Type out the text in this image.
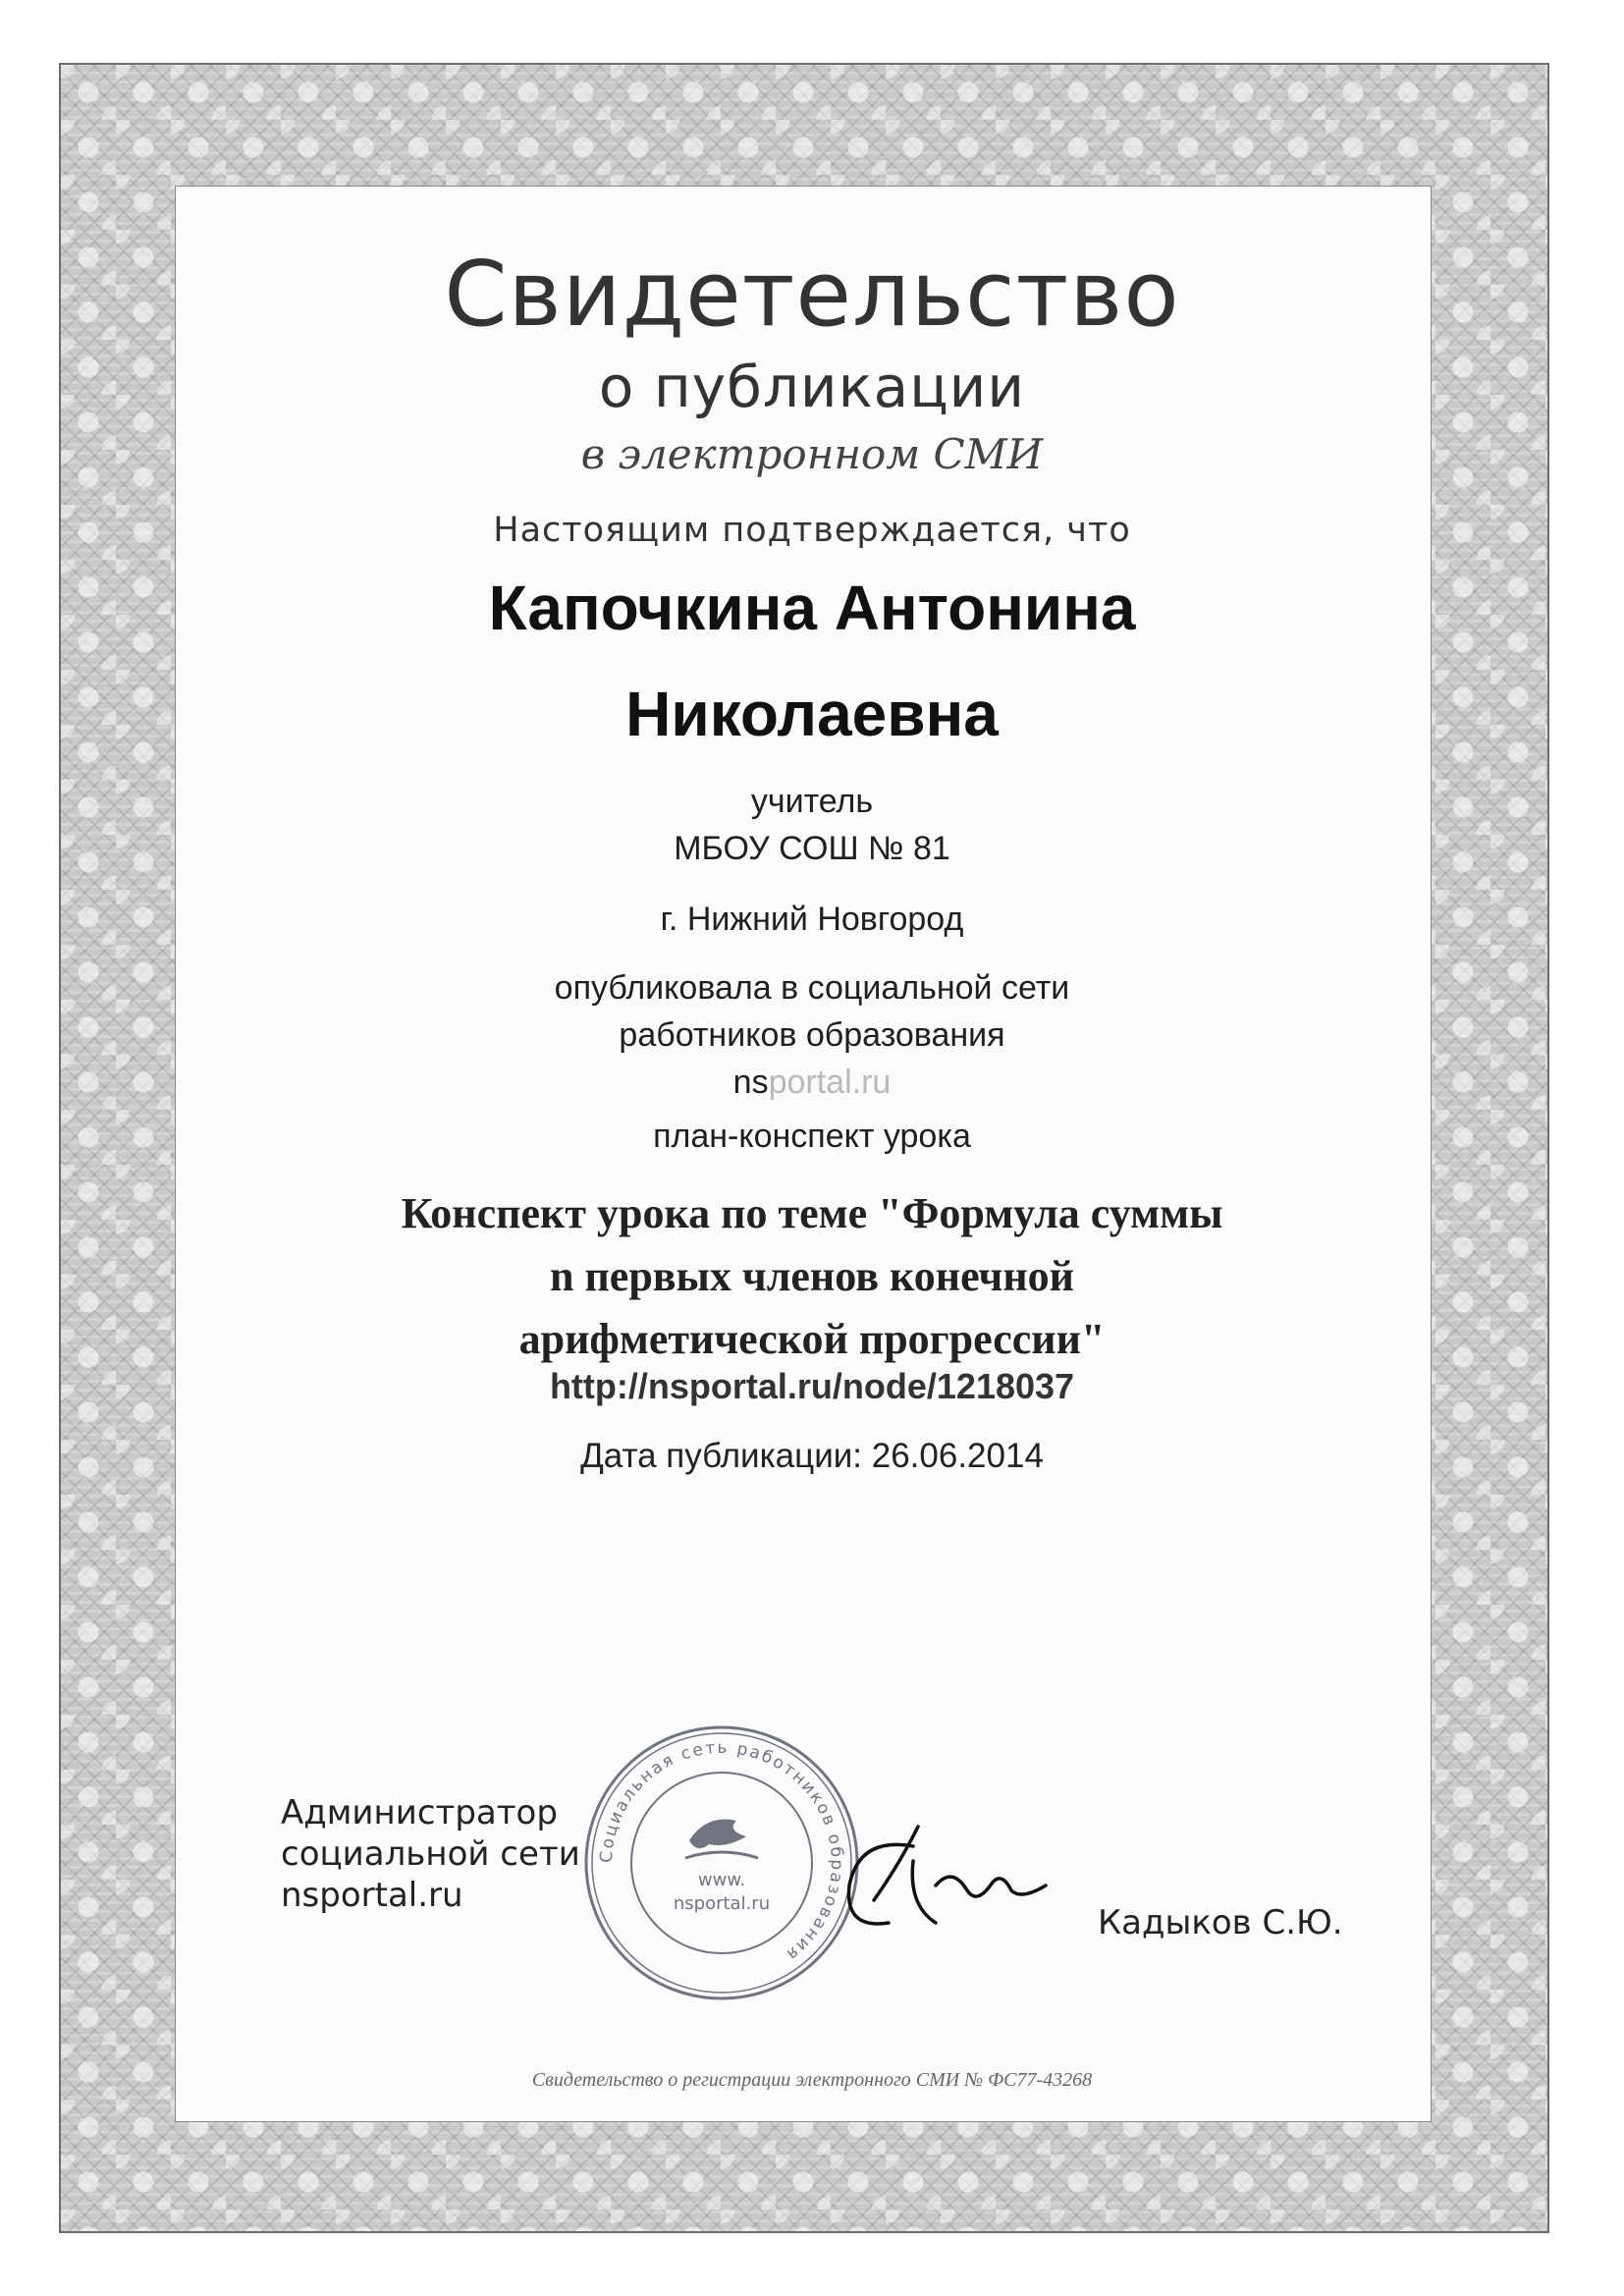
Свидетельство
о публикации
в электронном СМИ
Настоящим подтверждается, что
Капочкина Антонина
Николаевна
учитель
МБОУ СОШ № 81
г. Нижний Новгород
опубликовала в социальной сети
работников образования
nsportal.ru
план-конспект урока
Конспект урока по теме "Формула суммы
n первых членов конечной
арифметической прогрессии"
http://nsportal.ru/node/1218037
Дата публикации: 26.06.2014
Администратор
социальной сети
nsportal.ru
Социальная сеть работников образования
www.
nsportal.ru	Кадыков С.Ю.
Свидетельство о регистрации электронного СМИ № ФС77-43268
